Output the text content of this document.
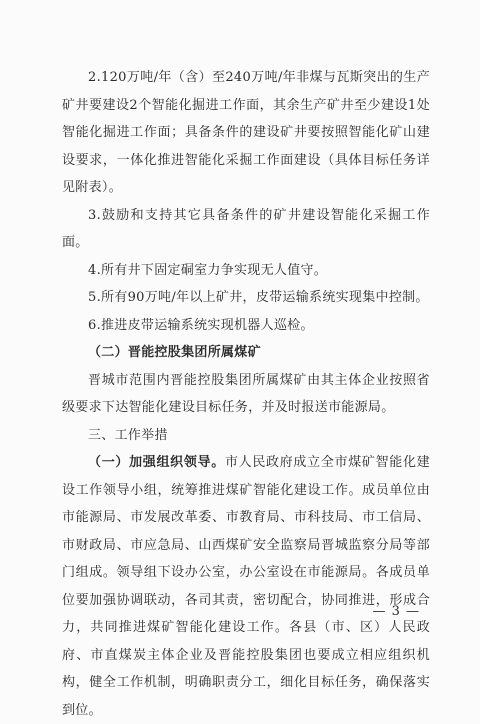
2.120万吨/年（含）至240万吨/年非煤与瓦斯突出的生产矿井要建设2个智能化掘进工作面，其余生产矿井至少建设1处智能化掘进工作面；具备条件的建设矿井要按照智能化矿山建设要求，一体化推进智能化采掘工作面建设（具体目标任务详见附表）。

3.鼓励和支持其它具备条件的矿井建设智能化采掘工作面。

4.所有井下固定硐室力争实现无人值守。

5.所有90万吨/年以上矿井，皮带运输系统实现集中控制。

6.推进皮带运输系统实现机器人巡检。

（二）晋能控股集团所属煤矿

晋城市范围内晋能控股集团所属煤矿由其主体企业按照省级要求下达智能化建设目标任务，并及时报送市能源局。

三、工作举措

（一）加强组织领导。市人民政府成立全市煤矿智能化建设工作领导小组，统筹推进煤矿智能化建设工作。成员单位由市能源局、市发展改革委、市教育局、市科技局、市工信局、市财政局、市应急局、山西煤矿安全监察局晋城监察分局等部门组成。领导组下设办公室，办公室设在市能源局。各成员单位要加强协调联动，各司其责，密切配合，协同推进，形成合力，共同推进煤矿智能化建设工作。各县（市、区）人民政府、市直煤炭主体企业及晋能控股集团也要成立相应组织机构，健全工作机制，明确职责分工，细化目标任务，确保落实到位。

— 3 —
